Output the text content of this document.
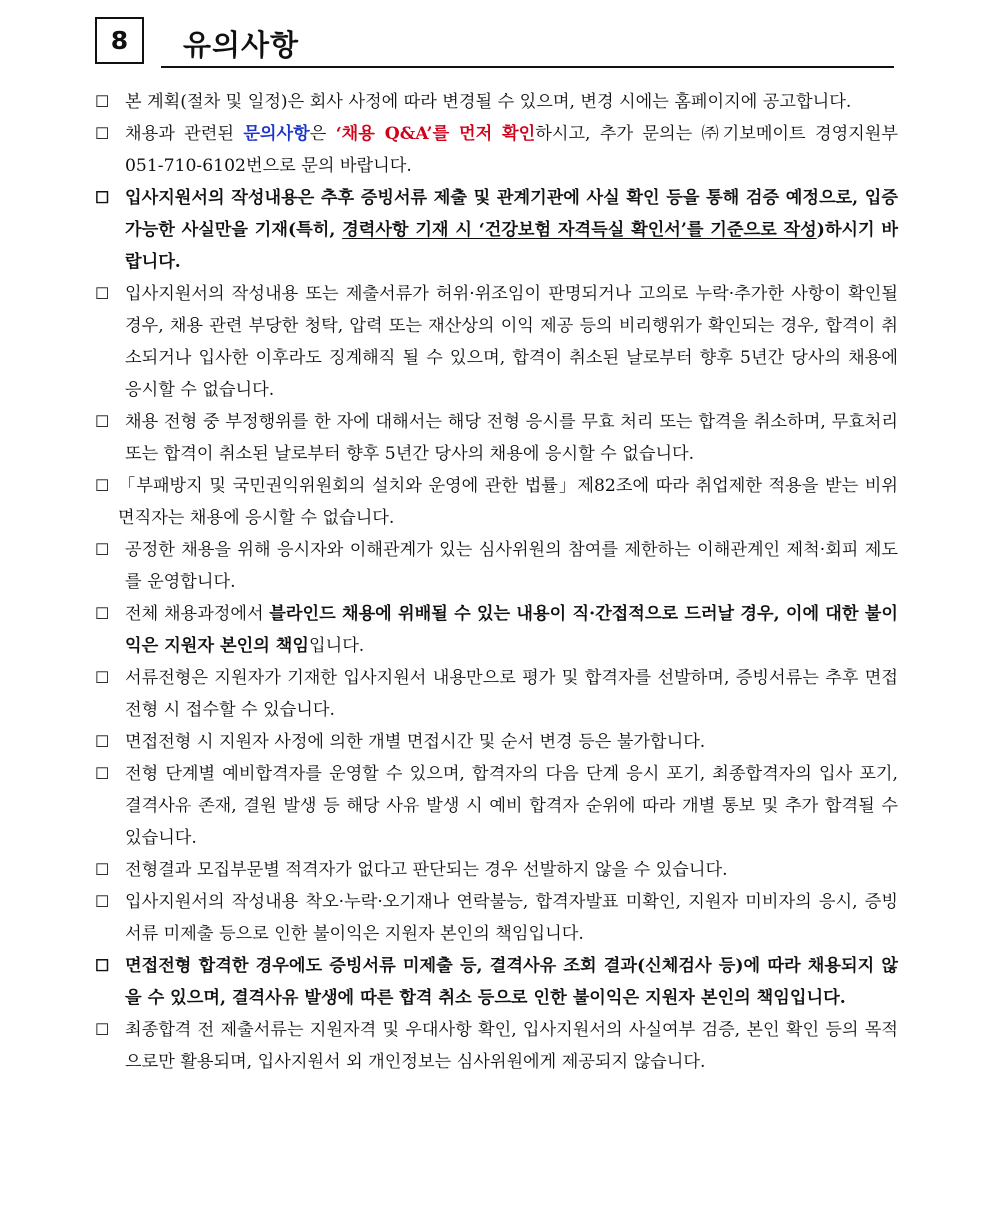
8	유의사항
☐ 본 계획(절차 및 일정)은 회사 사정에 따라 변경될 수 있으며, 변경 시에는 홈페이지에 공고합니다.
☐ 채용과 관련된 문의사항은 ‘채용 Q&A’를 먼저 확인하시고, 추가 문의는 ㈜기보메이트 경영지원부 051-710-6102번으로 문의 바랍니다.
☐ 입사지원서의 작성내용은 추후 증빙서류 제출 및 관계기관에 사실 확인 등을 통해 검증 예정으로, 입증 가능한 사실만을 기재(특히, 경력사항 기재 시 ‘건강보험 자격득실 확인서’를 기준으로 작성)하시기 바랍니다.
☐ 입사지원서의 작성내용 또는 제출서류가 허위·위조임이 판명되거나 고의로 누락·추가한 사항이 확인될 경우, 채용 관련 부당한 청탁, 압력 또는 재산상의 이익 제공 등의 비리행위가 확인되는 경우, 합격이 취소되거나 입사한 이후라도 징계해직 될 수 있으며, 합격이 취소된 날로부터 향후 5년간 당사의 채용에 응시할 수 없습니다.
☐ 채용 전형 중 부정행위를 한 자에 대해서는 해당 전형 응시를 무효 처리 또는 합격을 취소하며, 무효처리 또는 합격이 취소된 날로부터 향후 5년간 당사의 채용에 응시할 수 없습니다.
☐ 「부패방지 및 국민권익위원회의 설치와 운영에 관한 법률」제82조에 따라 취업제한 적용을 받는 비위면직자는 채용에 응시할 수 없습니다.
☐ 공정한 채용을 위해 응시자와 이해관계가 있는 심사위원의 참여를 제한하는 이해관계인 제척·회피 제도를 운영합니다.
☐ 전체 채용과정에서 블라인드 채용에 위배될 수 있는 내용이 직·간접적으로 드러날 경우, 이에 대한 불이익은 지원자 본인의 책임입니다.
☐ 서류전형은 지원자가 기재한 입사지원서 내용만으로 평가 및 합격자를 선발하며, 증빙서류는 추후 면접전형 시 접수할 수 있습니다.
☐ 면접전형 시 지원자 사정에 의한 개별 면접시간 및 순서 변경 등은 불가합니다.
☐ 전형 단계별 예비합격자를 운영할 수 있으며, 합격자의 다음 단계 응시 포기, 최종합격자의 입사 포기, 결격사유 존재, 결원 발생 등 해당 사유 발생 시 예비 합격자 순위에 따라 개별 통보 및 추가 합격될 수 있습니다.
☐ 전형결과 모집부문별 적격자가 없다고 판단되는 경우 선발하지 않을 수 있습니다.
☐ 입사지원서의 작성내용 착오·누락·오기재나 연락불능, 합격자발표 미확인, 지원자 미비자의 응시, 증빙서류 미제출 등으로 인한 불이익은 지원자 본인의 책임입니다.
☐ 면접전형 합격한 경우에도 증빙서류 미제출 등, 결격사유 조회 결과(신체검사 등)에 따라 채용되지 않을 수 있으며, 결격사유 발생에 따른 합격 취소 등으로 인한 불이익은 지원자 본인의 책임입니다.
☐ 최종합격 전 제출서류는 지원자격 및 우대사항 확인, 입사지원서의 사실여부 검증, 본인 확인 등의 목적으로만 활용되며, 입사지원서 외 개인정보는 심사위원에게 제공되지 않습니다.
